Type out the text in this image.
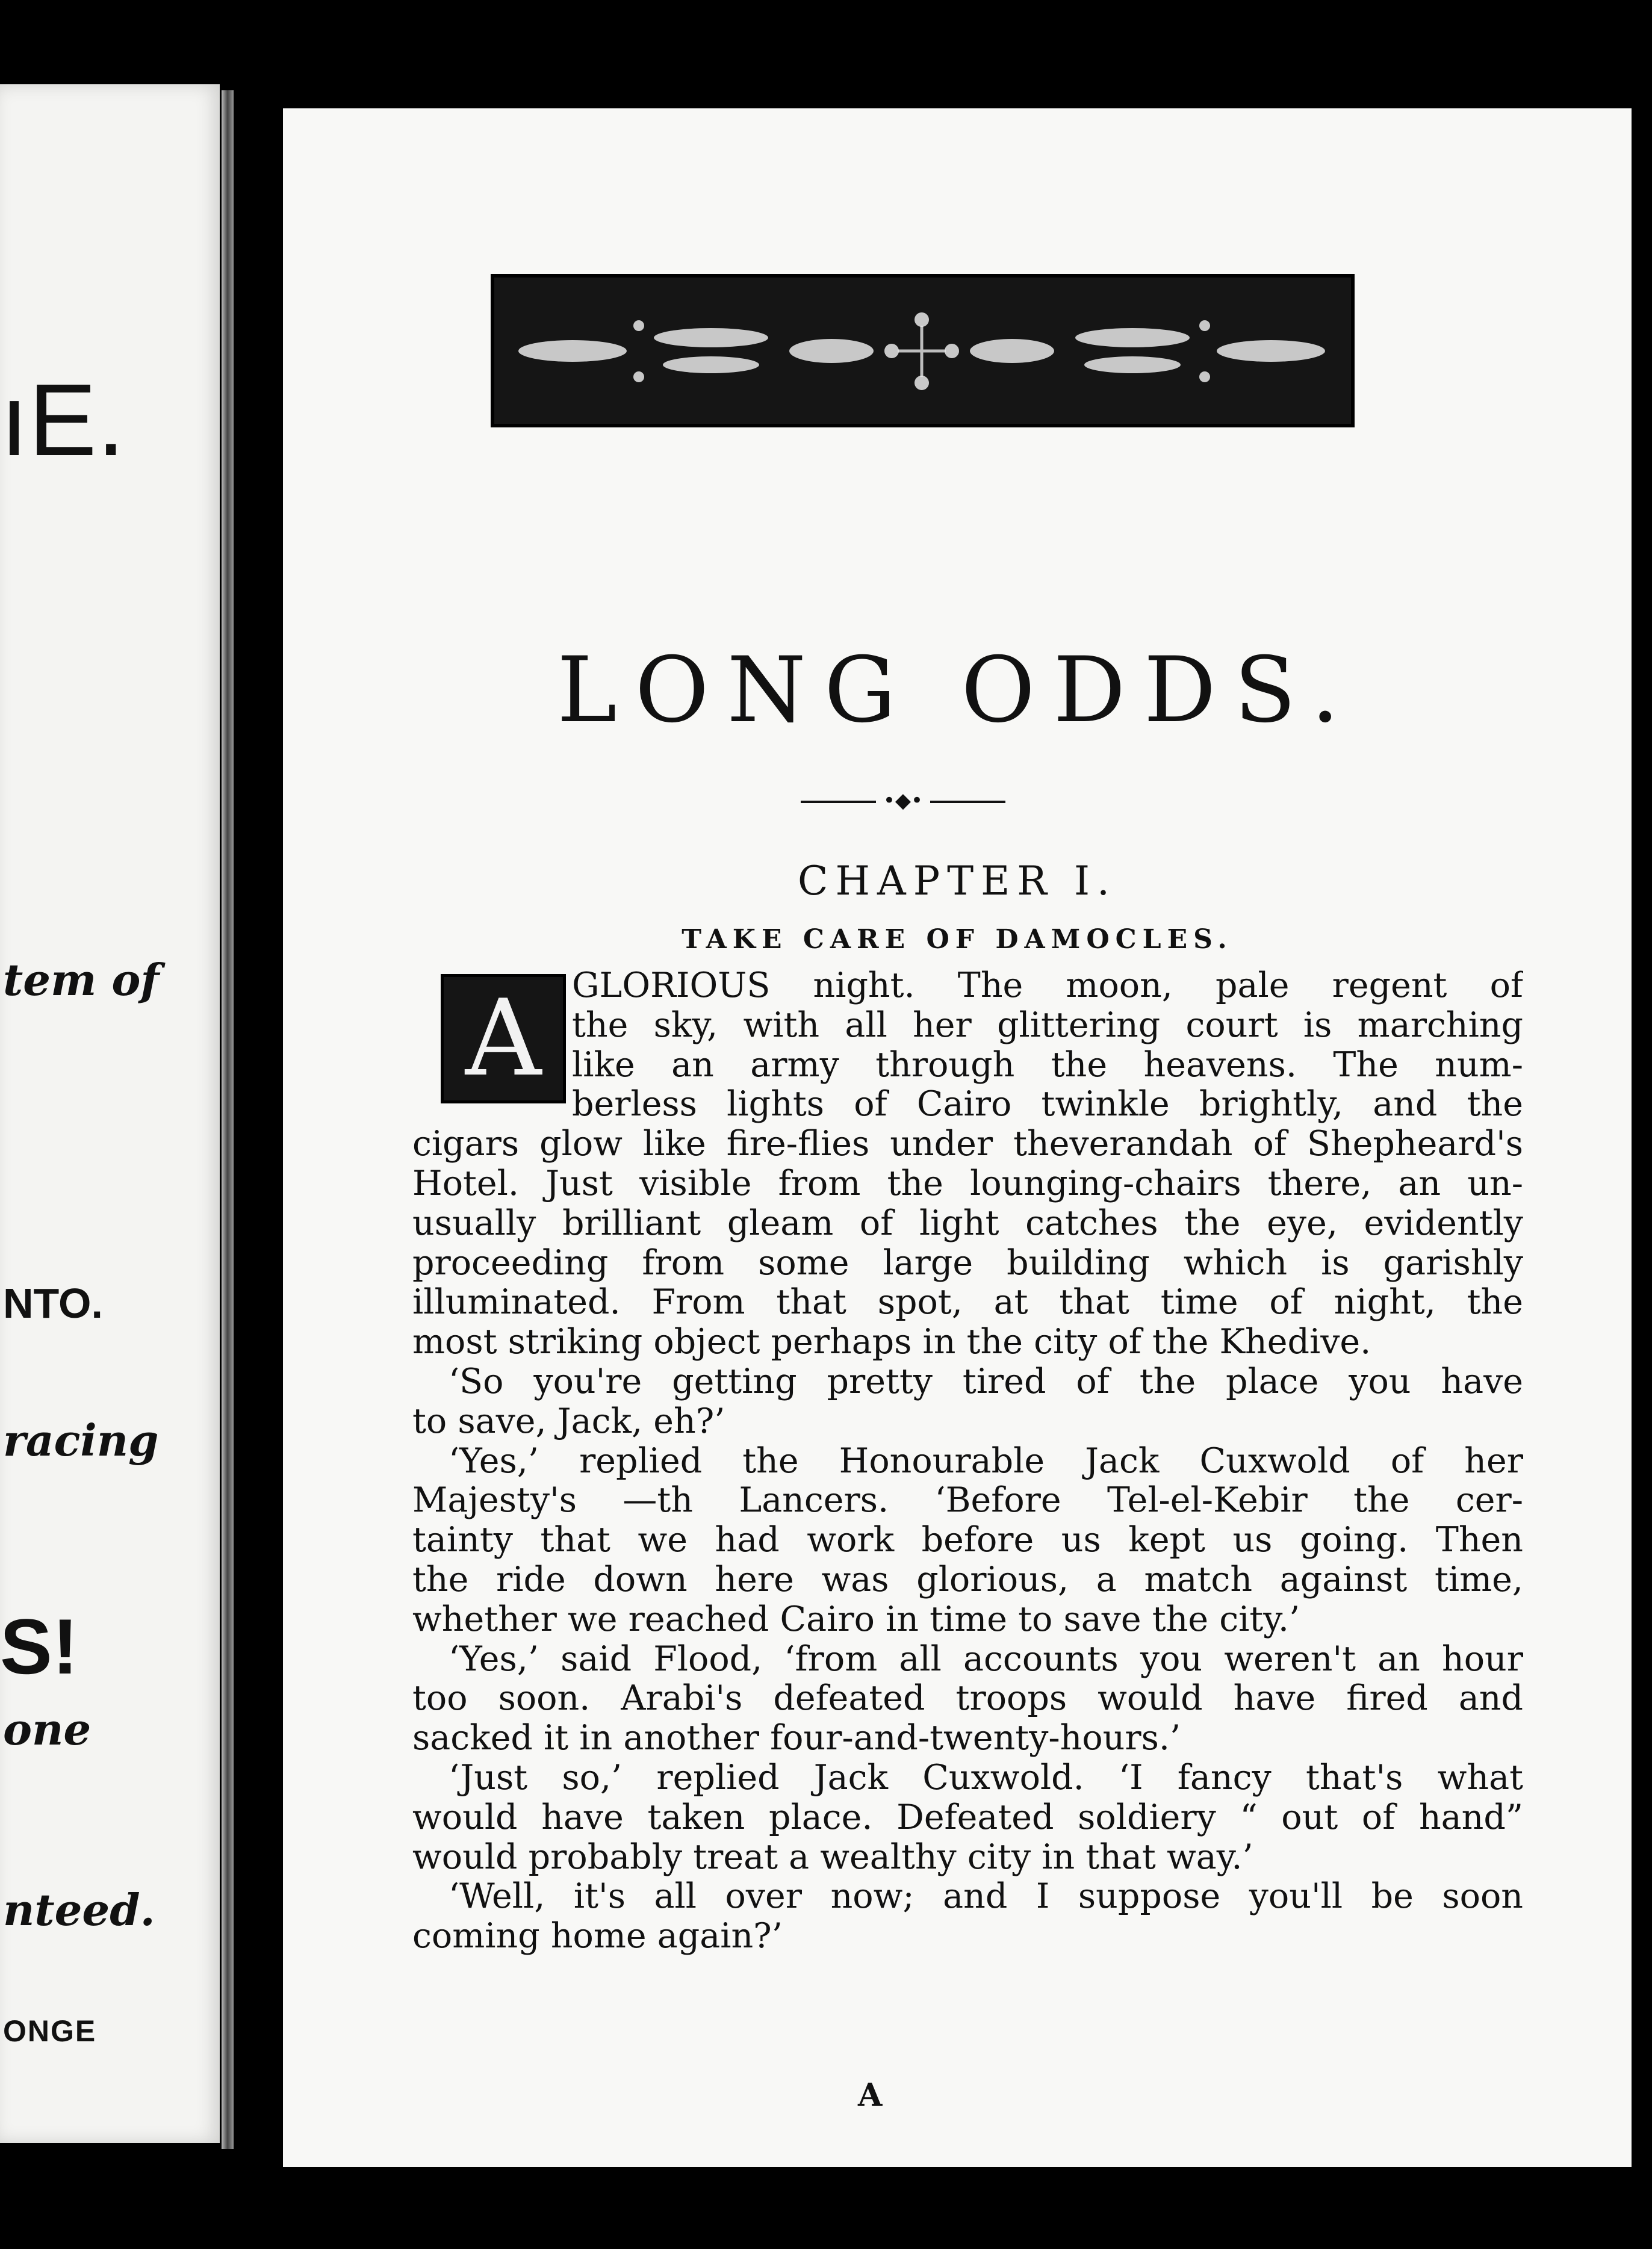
ıE.
tem of
NTO.
racing
S!
one
nteed.
ONGE
LONG ODDS.
•◆•
CHAPTER I.
TAKE CARE OF DAMOCLES.
A GLORIOUS night. The moon, pale regent of
the sky, with all her glittering court is marching
like an army through the heavens. The num-
berless lights of Cairo twinkle brightly, and the
cigars glow like fire-flies under theverandah of Shepheard's
Hotel. Just visible from the lounging-chairs there, an un-
usually brilliant gleam of light catches the eye, evidently
proceeding from some large building which is garishly
illuminated. From that spot, at that time of night, the
most striking object perhaps in the city of the Khedive.
‘So you're getting pretty tired of the place you have
to save, Jack, eh?’
‘Yes,’ replied the Honourable Jack Cuxwold of her
Majesty's —th Lancers. ‘Before Tel-el-Kebir the cer-
tainty that we had work before us kept us going. Then
the ride down here was glorious, a match against time,
whether we reached Cairo in time to save the city.’
‘Yes,’ said Flood, ‘from all accounts you weren't an hour
too soon. Arabi's defeated troops would have fired and
sacked it in another four-and-twenty-hours.’
‘Just so,’ replied Jack Cuxwold. ‘I fancy that's what
would have taken place. Defeated soldiery “ out of hand”
would probably treat a wealthy city in that way.’
‘Well, it's all over now; and I suppose you'll be soon
coming home again?’
A
